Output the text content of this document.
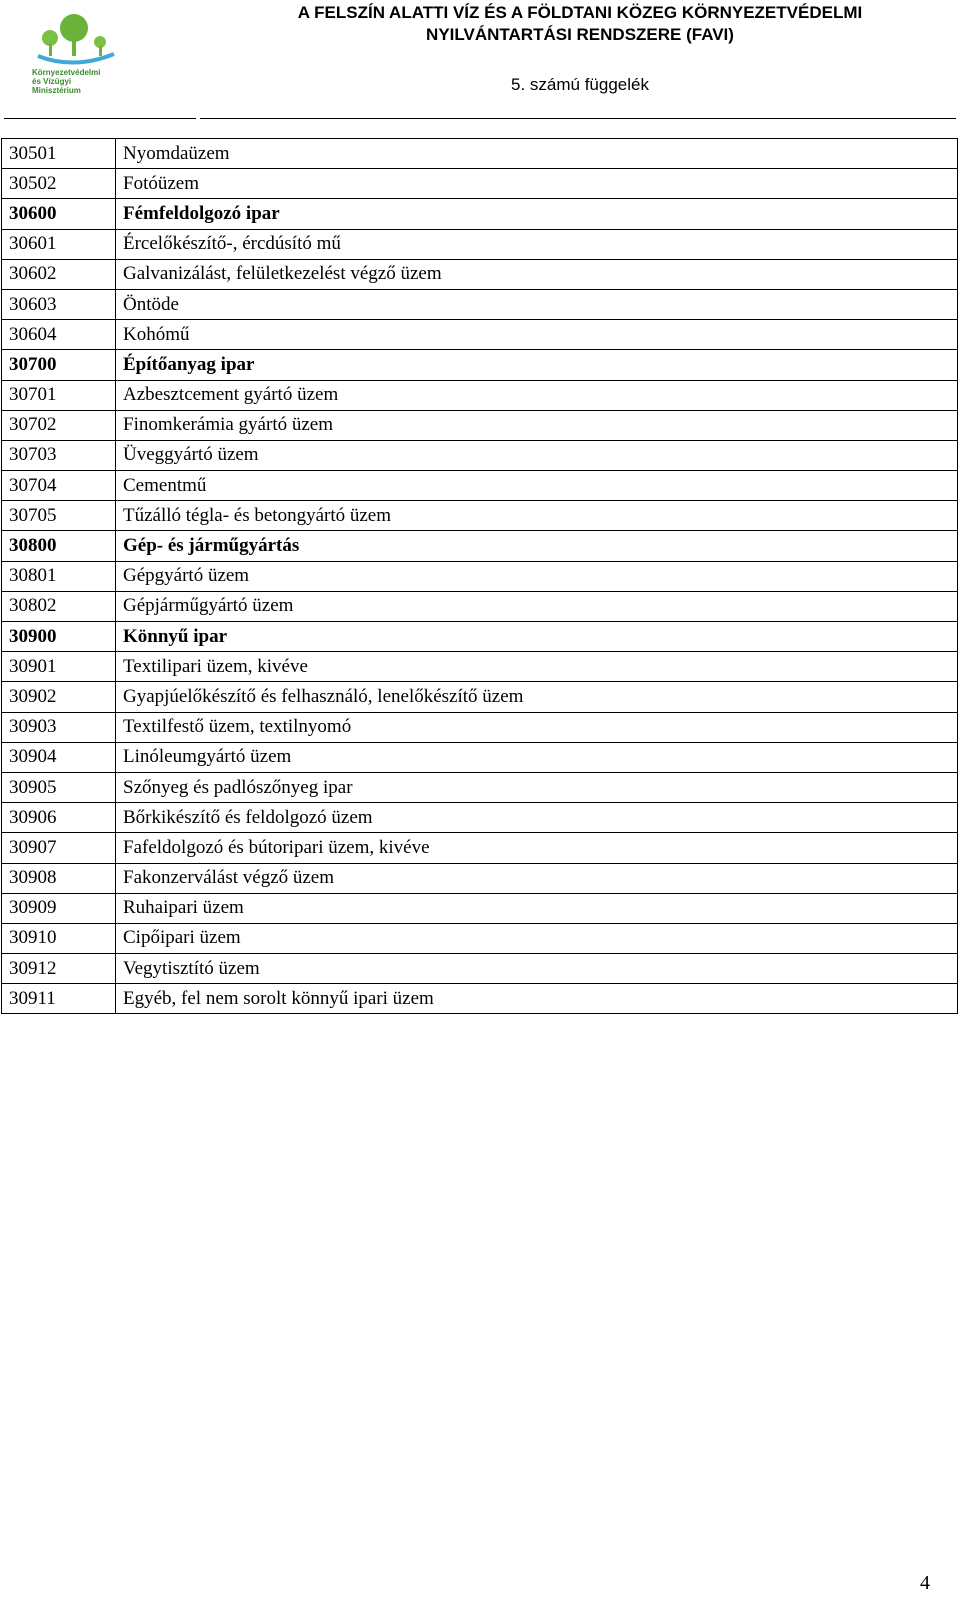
Környezetvédelmi
és Vízügyi
Minisztérium
A FELSZÍN ALATTI VÍZ ÉS A FÖLDTANI KÖZEG KÖRNYEZETVÉDELMI
NYILVÁNTARTÁSI RENDSZERE (FAVI)
5. számú függelék
30501	Nyomdaüzem
30502	Fotóüzem
30600	Fémfeldolgozó ipar
30601	Ércelőkészítő-, ércdúsító mű
30602	Galvanizálást, felületkezelést végző üzem
30603	Öntöde
30604	Kohómű
30700	Építőanyag ipar
30701	Azbesztcement gyártó üzem
30702	Finomkerámia gyártó üzem
30703	Üveggyártó üzem
30704	Cementmű
30705	Tűzálló tégla- és betongyártó üzem
30800	Gép- és járműgyártás
30801	Gépgyártó üzem
30802	Gépjárműgyártó üzem
30900	Könnyű ipar
30901	Textilipari üzem, kivéve
30902	Gyapjúelőkészítő és felhasználó, lenelőkészítő üzem
30903	Textilfestő üzem, textilnyomó
30904	Linóleumgyártó üzem
30905	Szőnyeg és padlószőnyeg ipar
30906	Bőrkikészítő és feldolgozó üzem
30907	Fafeldolgozó és bútoripari üzem, kivéve
30908	Fakonzerválást végző üzem
30909	Ruhaipari üzem
30910	Cipőipari üzem
30912	Vegytisztító üzem
30911	Egyéb, fel nem sorolt könnyű ipari üzem
4
